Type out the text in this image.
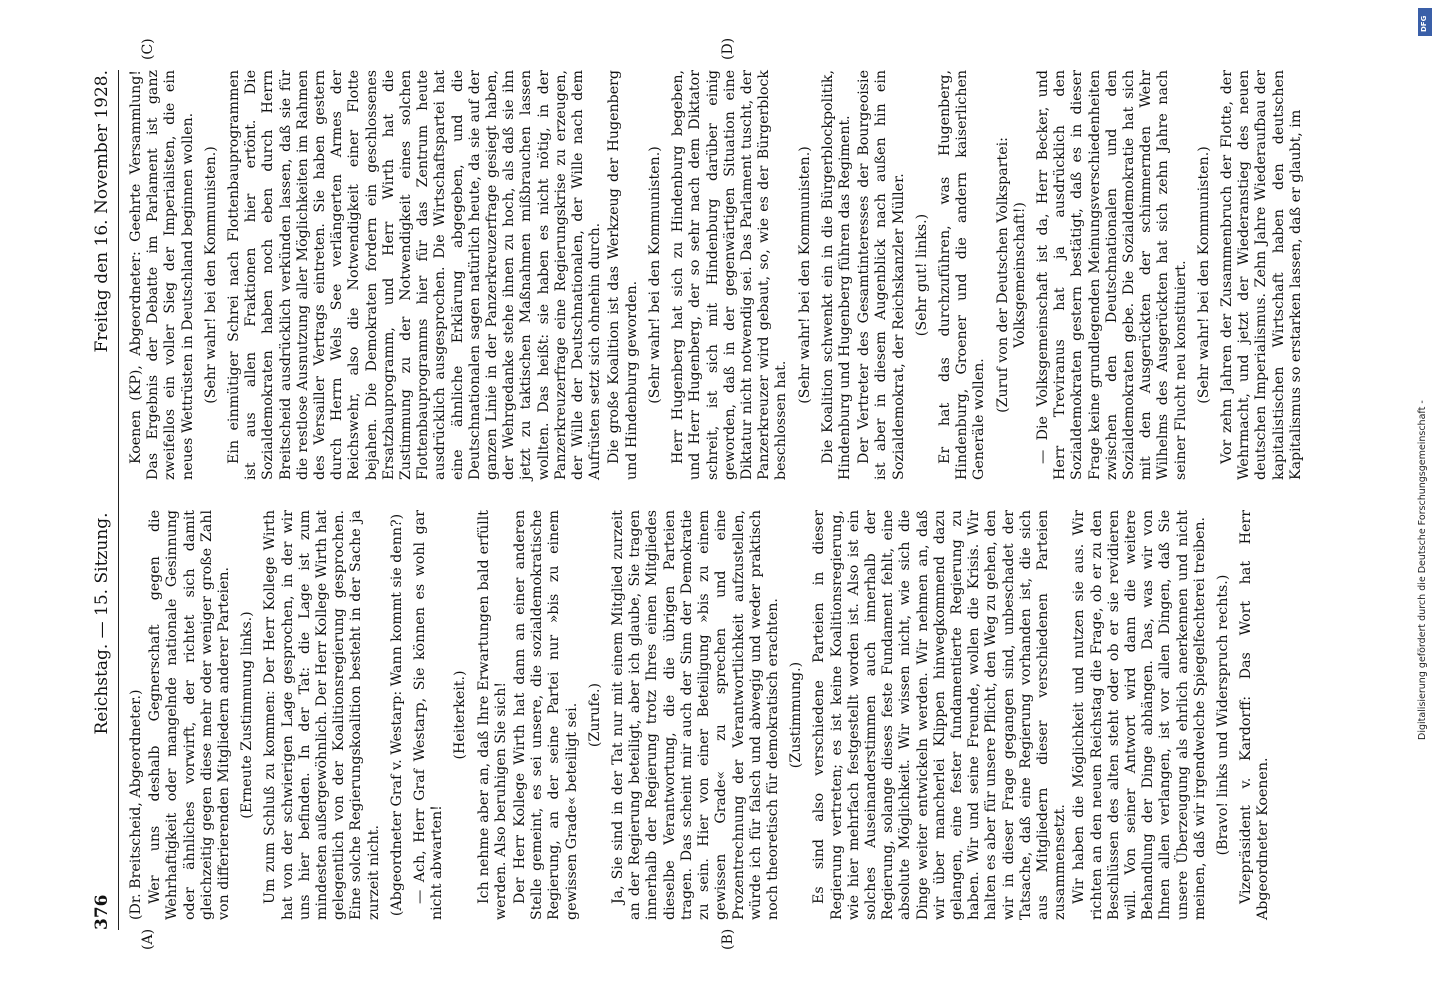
376
Reichstag. — 15. Sitzung.
Freitag den 16. November 1928.
(A)	(B)
(C)	(D)

(Dr. Breitscheid, Abgeordneter.) Wer uns deshalb Gegnerschaft gegen die Wehrhaftigkeit oder mangelnde nationale Gesinnung oder ähnliches vorwirft, der richtet sich damit gleichzeitig gegen diese mehr oder weniger große Zahl von differierenden Mitgliedern anderer Parteien. (Erneute Zustimmung links.) Um zum Schluß zu kommen: Der Herr Kollege Wirth hat von der schwierigen Lage gesprochen, in der wir uns hier befinden. In der Tat: die Lage ist zum mindesten außergewöhnlich. Der Herr Kollege Wirth hat gelegentlich von der Koalitionsregierung gesprochen. Eine solche Regierungskoalition besteht in der Sache ja zurzeit nicht. (Abgeordneter Graf v. Westarp: Wann kommt sie denn?) — Ach, Herr Graf Westarp, Sie können es wohl gar nicht abwarten!

(Heiterkeit.) Ich nehme aber an, daß Ihre Erwartungen bald erfüllt werden. Also beruhigen Sie sich! Der Herr Kollege Wirth hat dann an einer anderen Stelle gemeint, es sei unsere, die sozialdemokratische Regierung, an der seine Partei nur »bis zu einem gewissen Grade« beteiligt sei. (Zurufe.) Ja, Sie sind in der Tat nur mit einem Mitglied zurzeit an der Regierung beteiligt, aber ich glaube, Sie tragen innerhalb der Regierung trotz Ihres einen Mitgliedes dieselbe Verantwortung, die die übrigen Parteien tragen. Das scheint mir auch der Sinn der Demokratie zu sein. Hier von einer Beteiligung »bis zu einem gewissen Grade« zu sprechen und eine Prozentrechnung der Verantwortlichkeit aufzustellen, würde ich für falsch und abwegig und weder praktisch noch theoretisch für demokratisch erachten. (Zustimmung.) Es sind also verschiedene Parteien in dieser Regierung vertreten; es ist keine Koalitionsregierung, wie hier mehrfach festgestellt worden ist. Also ist ein solches Auseinanderstimmen auch innerhalb der Regierung, solange dieses feste Fundament fehlt, eine absolute Möglichkeit. Wir wissen nicht, wie sich die Dinge weiter entwickeln werden. Wir nehmen an, daß wir über mancherlei Klippen hinwegkommend dazu gelangen, eine fester fundamentierte Regierung zu haben. Wir und seine Freunde, wollen die Krisis. Wir halten es aber für unsere Pflicht, den Weg zu gehen, den wir in dieser Frage gegangen sind, unbeschadet der Tatsache, daß eine Regierung vorhanden ist, die sich aus Mitgliedern dieser verschiedenen Parteien zusammensetzt. Wir haben die Möglichkeit und nutzen sie aus. Wir richten an den neuen Reichstag die Frage, ob er zu den Beschlüssen des alten steht oder ob er sie revidieren will. Von seiner Antwort wird dann die weitere Behandlung der Dinge abhängen. Das, was wir von Ihnen allen verlangen, ist vor allen Dingen, daß Sie unsere Überzeugung als ehrlich anerkennen und nicht meinen, daß wir irgendwelche Spiegelfechterei treiben. (Bravo! links und Widerspruch rechts.) Vizepräsident v. Kardorff: Das Wort hat Herr Abgeordneter Koenen.

Koenen (KP), Abgeordneter: Geehrte Versammlung! Das Ergebnis der Debatte im Parlament ist ganz zweifellos ein voller Sieg der Imperialisten, die ein neues Wettrüsten in Deutschland beginnen wollen. (Sehr wahr! bei den Kommunisten.) Ein einmütiger Schrei nach Flottenbauprogrammen ist aus allen Fraktionen hier ertönt. Die Sozialdemokraten haben noch eben durch Herrn Breitscheid ausdrücklich verkünden lassen, daß sie für die restlose Ausnutzung aller Möglichkeiten im Rahmen des Versailler Vertrags eintreten. Sie haben gestern durch Herrn Wels See verlängerten Armes der Reichswehr, also die Notwendigkeit einer Flotte bejahen. Die Demokraten fordern ein geschlossenes Ersatzbauprogramm, und Herr Wirth hat die Zustimmung zu der Notwendigkeit eines solchen Flottenbauprogramms hier für das Zentrum heute ausdrücklich ausgesprochen. Die Wirtschaftspartei hat eine ähnliche Erklärung abgegeben, und die Deutschnationalen sagen natürlich heute, da sie auf der ganzen Linie in der Panzerkreuzerfrage gesiegt haben, der Wehrgedanke stehe ihnen zu hoch, als daß sie ihn jetzt zu taktischen Maßnahmen mißbrauchen lassen wollten. Das heißt: sie haben es nicht nötig, in der Panzerkreuzerfrage eine Regierungskrise zu erzeugen, der Wille der Deutschnationalen, der Wille nach dem Aufrüsten setzt sich ohnehin durch. Die große Koalition ist das Werkzeug der Hugenberg und Hindenburg geworden. (Sehr wahr! bei den Kommunisten.) Herr Hugenberg hat sich zu Hindenburg begeben, und Herr Hugenberg, der so sehr nach dem Diktator schreit, ist sich mit Hindenburg darüber einig geworden, daß in der gegenwärtigen Situation eine Diktatur nicht notwendig sei. Das Parlament tuscht, der Panzerkreuzer wird gebaut, so, wie es der Bürgerblock beschlossen hat.

(Sehr wahr! bei den Kommunisten.) Die Koalition schwenkt ein in die Bürgerblockpolitik, Hindenburg und Hugenberg führen das Regiment. Der Vertreter des Gesamtinteresses der Bourgeoisie ist aber in diesem Augenblick nach außen hin ein Sozialdemokrat, der Reichskanzler Müller. (Sehr gut! links.) Er hat das durchzuführen, was Hugenberg, Hindenburg, Groener und die andern kaiserlichen Generäle wollen.

(Zuruf von der Deutschen Volkspartei: Volksgemeinschaft!) — Die Volksgemeinschaft ist da, Herr Becker, und Herr Treviranus hat ja ausdrücklich den Sozialdemokraten gestern bestätigt, daß es in dieser Frage keine grundlegenden Meinungsverschiedenheiten zwischen den Deutschnationalen und den Sozialdemokraten gebe. Die Sozialdemokratie hat sich mit den Ausgerückten der schimmernden Wehr Wilhelms des Ausgerückten hat sich zehn Jahre nach seiner Flucht neu konstituiert. (Sehr wahr! bei den Kommunisten.) Vor zehn Jahren der Zusammenbruch der Flotte, der Wehrmacht, und jetzt der Wiederanstieg des neuen deutschen Imperialismus. Zehn Jahre Wiederaufbau der kapitalistischen Wirtschaft haben den deutschen Kapitalismus so erstarken lassen, daß er glaubt, im

DFG
Digitalisierung gefördert durch die Deutsche Forschungsgemeinschaft -
